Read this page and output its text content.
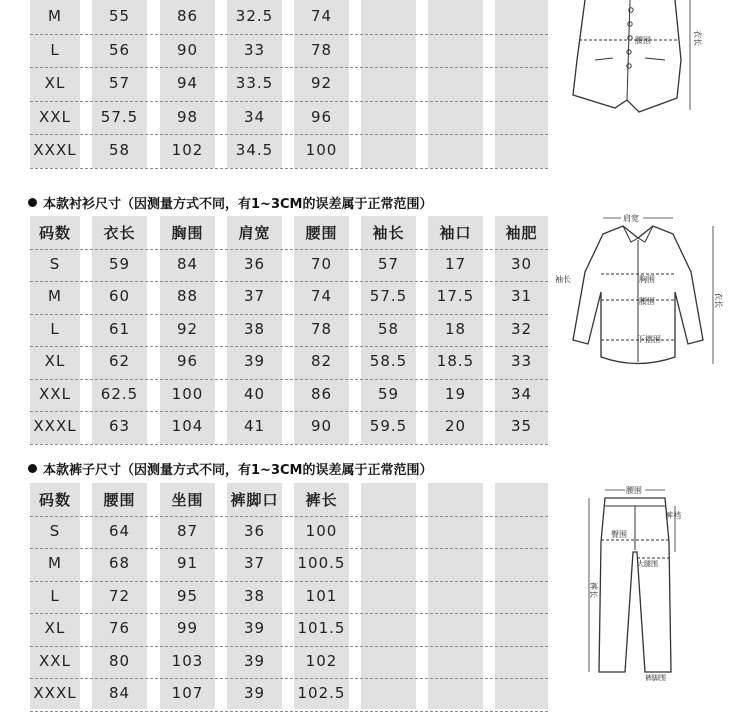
M	55	86	32.5	74
L	56	90	33	78
XL	57	94	33.5	92
XXL	57.5	98	34	96
XXXL	58	102	34.5	100
腰围	衣长
本款衬衫尺寸（因测量方式不同，有1~3CM的误差属于正常范围）
码数	衣长	胸围	肩宽	腰围	袖长	袖口	袖肥
S	59	84	36	70	57	17	30
M	60	88	37	74	57.5	17.5	31
L	61	92	38	78	58	18	32
XL	62	96	39	82	58.5	18.5	33
XXL	62.5	100	40	86	59	19	34
XXXL	63	104	41	90	59.5	20	35
肩宽
胸围
腰围
下摆围
袖长
衣长
本款裤子尺寸（因测量方式不同，有1~3CM的误差属于正常范围）
码数	腰围	坐围	裤脚口	裤长
S	64	87	36	100
M	68	91	37	100.5
L	72	95	38	101
XL	76	99	39	101.5
XXL	80	103	39	102
XXXL	84	107	39	102.5
腰围
臀围
大腿围
裤裆
裤长
裤脚围
